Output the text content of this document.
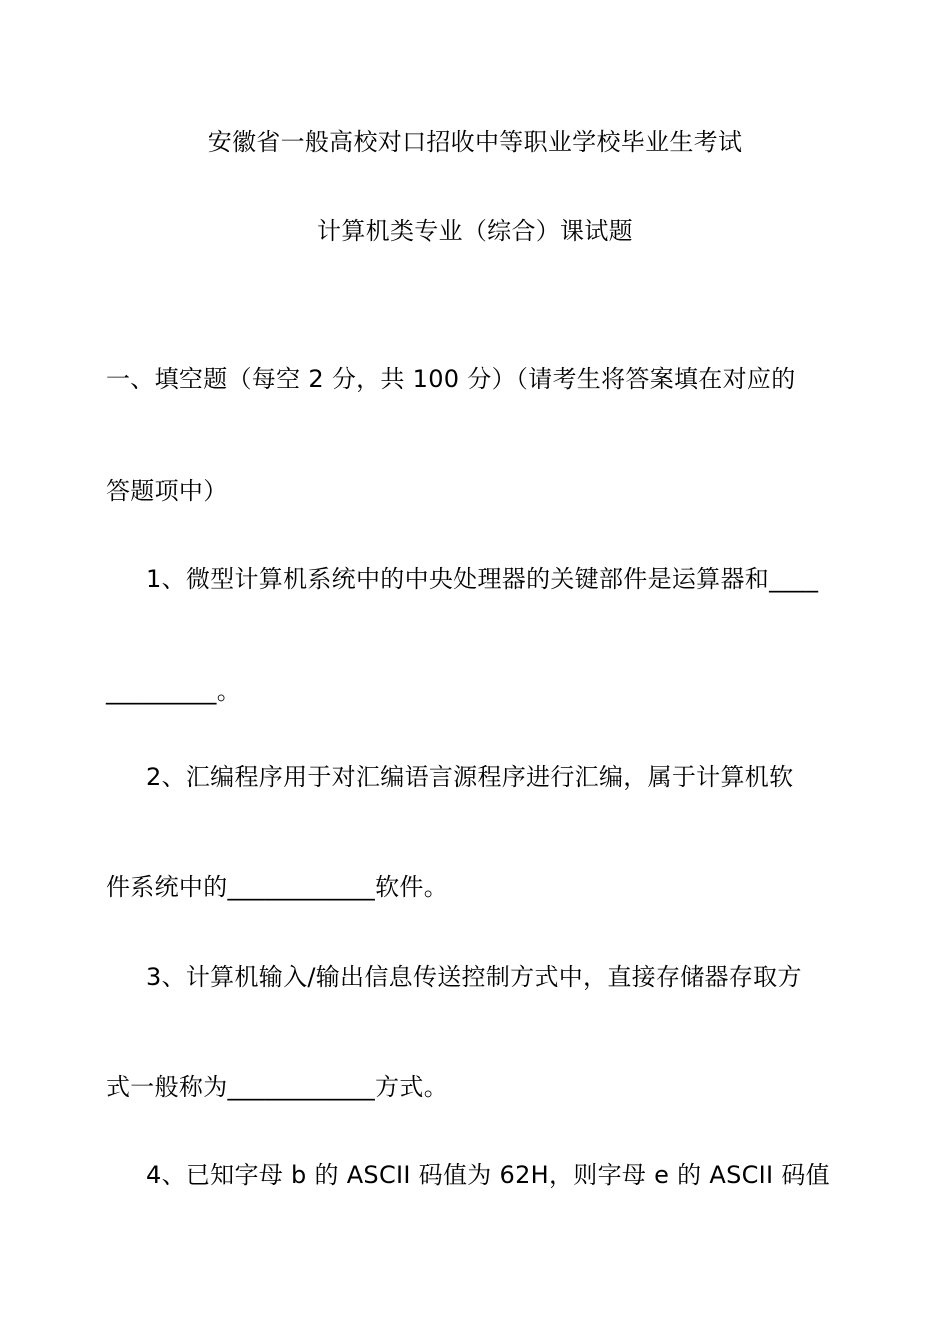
安徽省一般高校对口招收中等职业学校毕业生考试
计算机类专业（综合）课试题
一、填空题（每空 2 分，共 100 分）（请考生将答案填在对应的
答题项中）
1、微型计算机系统中的中央处理器的关键部件是运算器和____
_________。
2、汇编程序用于对汇编语言源程序进行汇编，属于计算机软
件系统中的____________软件。
3、计算机输入/输出信息传送控制方式中，直接存储器存取方
式一般称为____________方式。
4、已知字母 b 的 ASCII 码值为 62H，则字母 e 的 ASCII 码值
